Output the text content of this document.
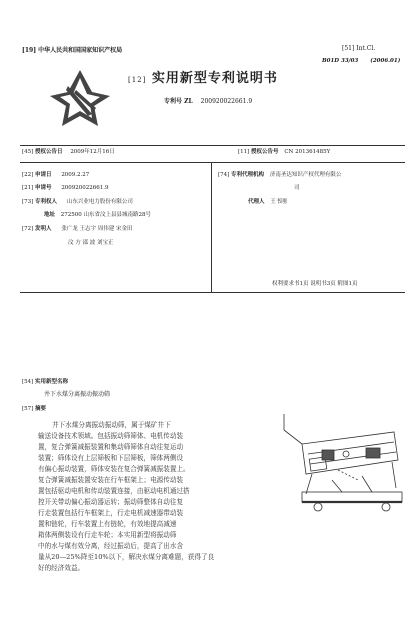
[19] 中华人民共和国国家知识产权局	[51] Int.Cl.
B01D 33/03 (2006.01)
[12] 实用新型专利说明书
专利号 ZL 200920022661.9
[45] 授权公告日 2009年12月16日	[11] 授权公告号 CN 201361485Y
[22] 申请日 2009.2.27
[21] 申请号 200920022661.9
[73] 专利权人 山东兴业电力股份有限公司
地址 272500 山东省汶上县县城南路28号
[72] 发明人 张广龙 王志宇 周伟建 宋金田
汶 方 邵 波 刘宝正
[74] 专利代理机构 济南圣达知识产权代理有限公
司
代理人 王书刚
权利要求书1页 说明书3页 附图1页
[54] 实用新型名称
井下水煤分离振动振动筛
[57] 摘要
井下水煤分离振动振动筛，属于煤矿井下
输送设备技术领域。包括振动筛筛体、电机传动装
置，复合弹簧减振装置和集动筛筛体自动往复运动
装置；筛体设有上层筛板和下层筛板，筛体两侧设
有偏心振动装置，筛体安装在复合弹簧减振装置上。
复合弹簧减振装置安装在行车框架上；电源传动装
置包括驱动电机和传动装置连接，由驱动电机通过搭
控开关带动偏心振动器运转；振动筛整体自动往复
行走装置包括行车框架上，行走电机减速器带动装
置和链轮，行车装置上有链轮，有效地提高减速
箱体两侧装设有行走车轮；本实用新型将振动筛
中的水与煤有效分离，经过振动后，提高了出水含
量从20—25%降至10%以下，解决水煤分离难题，获得了良
好的经济效益。
